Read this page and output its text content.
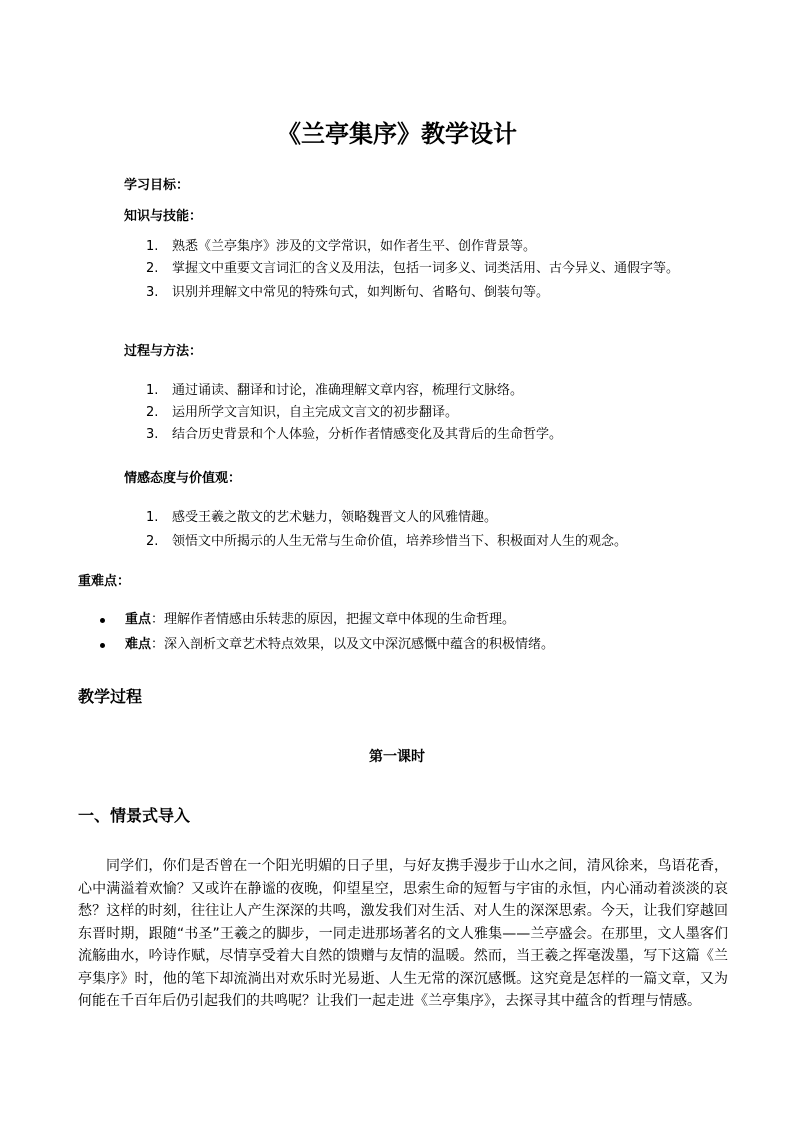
《兰亭集序》教学设计

学习目标：

知识与技能：

1.	熟悉《兰亭集序》涉及的文学常识，如作者生平、创作背景等。
2.	掌握文中重要文言词汇的含义及用法，包括一词多义、词类活用、古今异义、通假字等。
3.	识别并理解文中常见的特殊句式，如判断句、省略句、倒装句等。

过程与方法：

1.	通过诵读、翻译和讨论，准确理解文章内容，梳理行文脉络。
2.	运用所学文言知识，自主完成文言文的初步翻译。
3.	结合历史背景和个人体验，分析作者情感变化及其背后的生命哲学。

情感态度与价值观：

1.	感受王羲之散文的艺术魅力，领略魏晋文人的风雅情趣。
2.	领悟文中所揭示的人生无常与生命价值，培养珍惜当下、积极面对人生的观念。

重难点：

重点：理解作者情感由乐转悲的原因，把握文章中体现的生命哲理。
难点：深入剖析文章艺术特点效果，以及文中深沉感慨中蕴含的积极情绪。

教学过程

第一课时

一、情景式导入

同学们，你们是否曾在一个阳光明媚的日子里，与好友携手漫步于山水之间，清风徐来，鸟语花香，心中满溢着欢愉？又或许在静谧的夜晚，仰望星空，思索生命的短暂与宇宙的永恒，内心涌动着淡淡的哀愁？这样的时刻，往往让人产生深深的共鸣，激发我们对生活、对人生的深深思索。今天，让我们穿越回东晋时期，跟随“书圣”王羲之的脚步，一同走进那场著名的文人雅集——兰亭盛会。在那里，文人墨客们流觞曲水，吟诗作赋，尽情享受着大自然的馈赠与友情的温暖。然而，当王羲之挥毫泼墨，写下这篇《兰亭集序》时，他的笔下却流淌出对欢乐时光易逝、人生无常的深沉感慨。这究竟是怎样的一篇文章，又为何能在千百年后仍引起我们的共鸣呢？让我们一起走进《兰亭集序》，去探寻其中蕴含的哲理与情感。
